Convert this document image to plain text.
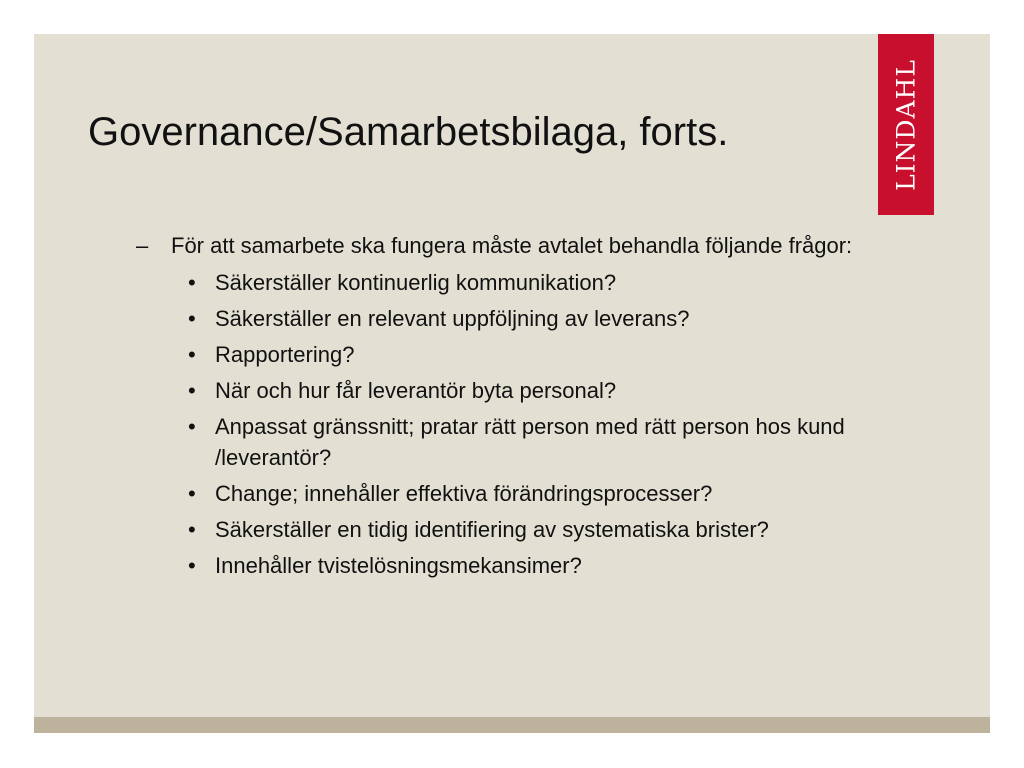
LINDAHL
Governance/Samarbetsbilaga, forts.
– För att samarbete ska fungera måste avtalet behandla följande frågor:
• Säkerställer kontinuerlig kommunikation?
• Säkerställer en relevant uppföljning av leverans?
• Rapportering?
• När och hur får leverantör byta personal?
• Anpassat gränssnitt; pratar rätt person med rätt person hos kund /leverantör?
• Change; innehåller effektiva förändringsprocesser?
• Säkerställer en tidig identifiering av systematiska brister?
• Innehåller tvistelösningsmekansimer?
